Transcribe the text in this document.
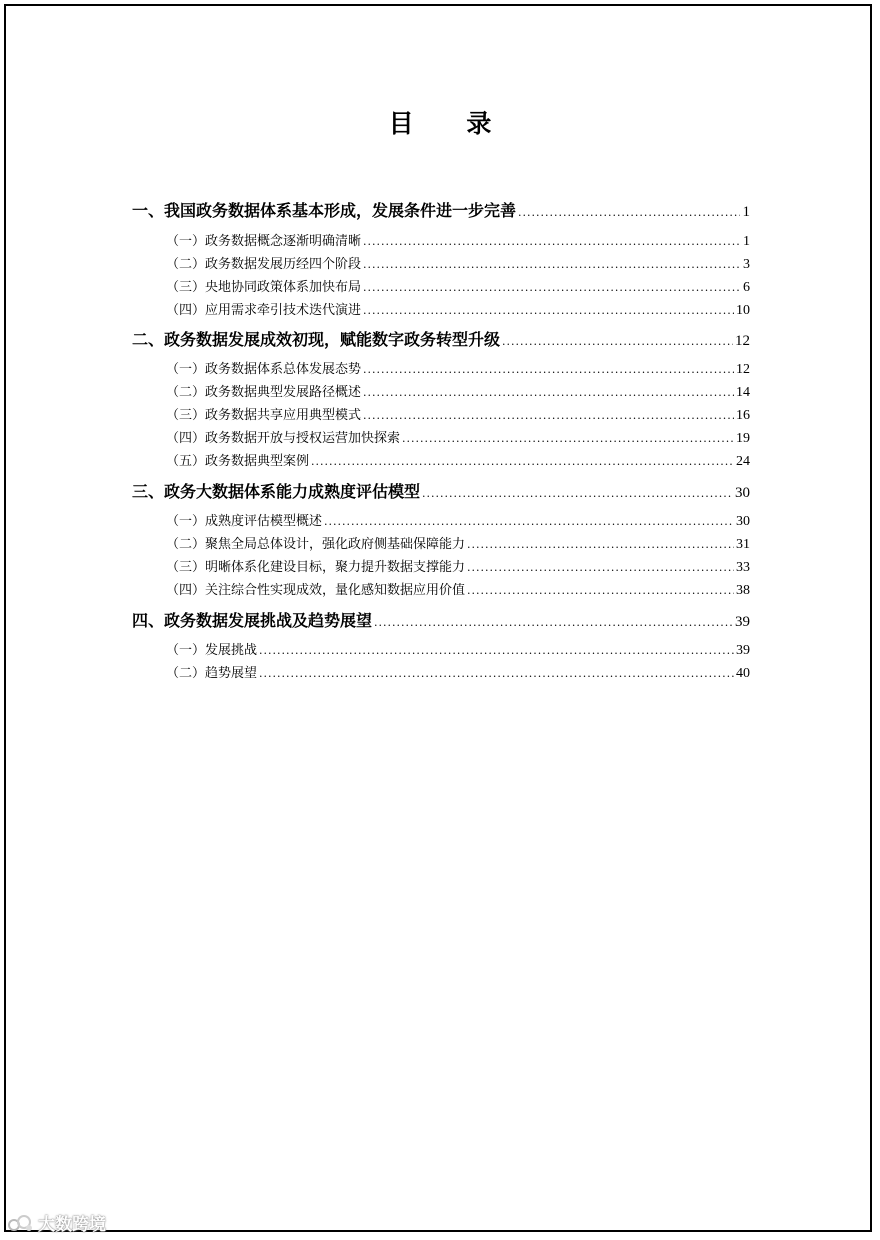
目 录
一、我国政务数据体系基本形成，发展条件进一步完善 .....	1
（一）政务数据概念逐渐明确清晰 .....	1
（二）政务数据发展历经四个阶段 .....	3
（三）央地协同政策体系加快布局 .....	6
（四）应用需求牵引技术迭代演进 .....	10
二、政务数据发展成效初现，赋能数字政务转型升级 .....	12
（一）政务数据体系总体发展态势 .....	12
（二）政务数据典型发展路径概述 .....	14
（三）政务数据共享应用典型模式 .....	16
（四）政务数据开放与授权运营加快探索 .....	19
（五）政务数据典型案例 .....	24
三、政务大数据体系能力成熟度评估模型 .....	30
（一）成熟度评估模型概述 .....	30
（二）聚焦全局总体设计，强化政府侧基础保障能力 .....	31
（三）明晰体系化建设目标，聚力提升数据支撑能力 .....	33
（四）关注综合性实现成效，量化感知数据应用价值 .....	38
四、政务数据发展挑战及趋势展望 .....	39
（一）发展挑战 .....	39
（二）趋势展望 .....	40
大数跨境
